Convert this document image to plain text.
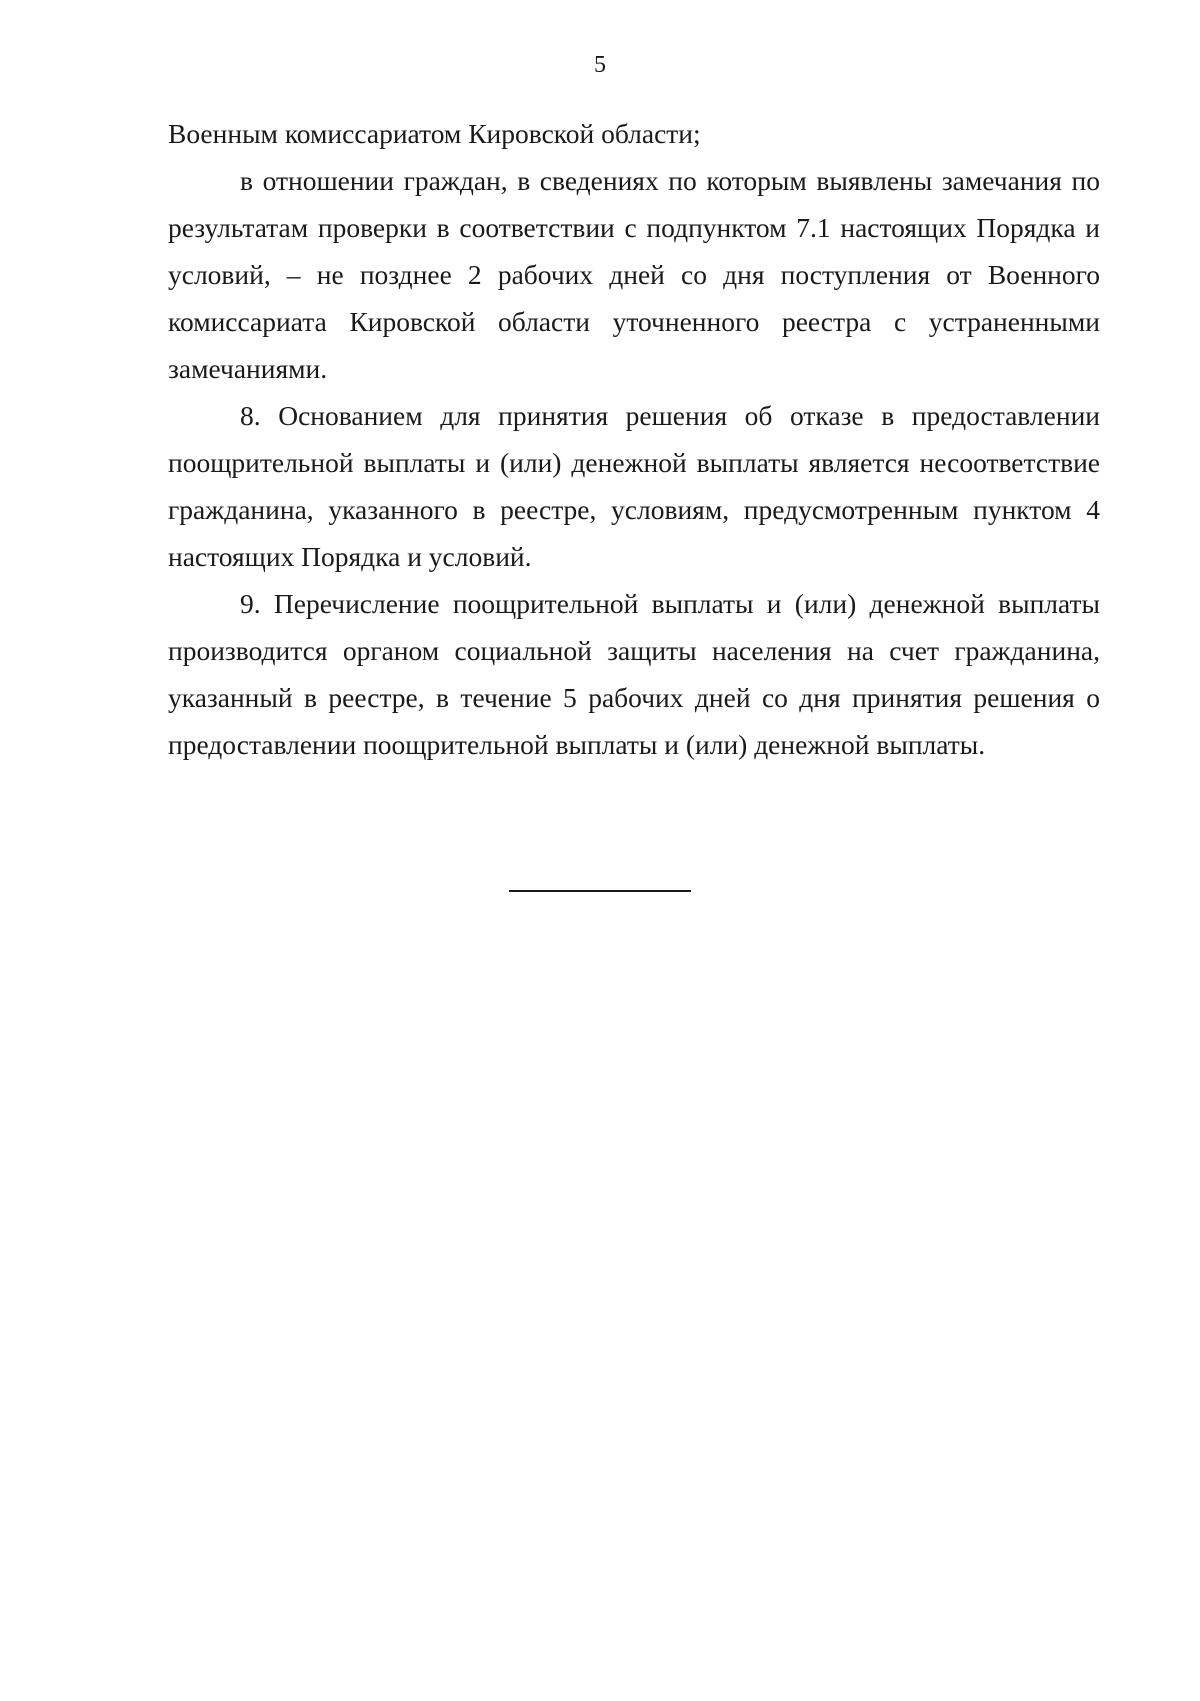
5

Военным комиссариатом Кировской области;

в отношении граждан, в сведениях по которым выявлены замечания по результатам проверки в соответствии с подпунктом 7.1 настоящих Порядка и условий, – не позднее 2 рабочих дней со дня поступления от Военного комиссариата Кировской области уточненного реестра с устраненными замечаниями.

8. Основанием для принятия решения об отказе в предоставлении поощрительной выплаты и (или) денежной выплаты является несоответствие гражданина, указанного в реестре, условиям, предусмотренным пунктом 4 настоящих Порядка и условий.

9. Перечисление поощрительной выплаты и (или) денежной выплаты производится органом социальной защиты населения на счет гражданина, указанный в реестре, в течение 5 рабочих дней со дня принятия решения о предоставлении поощрительной выплаты и (или) денежной выплаты.
